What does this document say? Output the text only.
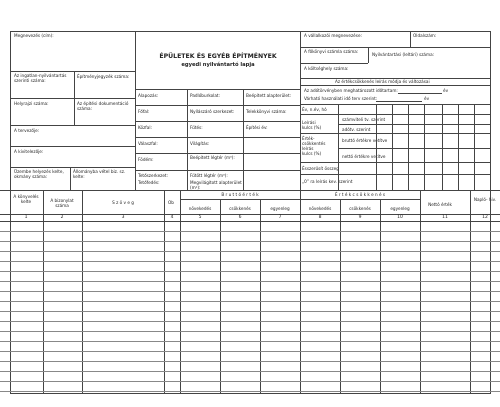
Megnevezés (cím):
Az ingatlan-nyilvántartás szerinti száma:
Építményjegyzék száma:
Helyrajzi száma:	Az építési dokumentáció száma:
A tervezője:
A kivitelezője:
Üzembe helyezés kelte, okmány száma:
Állományba vétel biz. sz. kelte:
ÉPÜLETEK ÉS EGYÉB ÉPÍTMÉNYEK
egyedi nyilvántartó lapja
Alapozás:	Padlóburkolat:	Beépített alapterület:
Főfal:	Nyílászáró szerkezet:	Telekkönyvi száma:
Közfal:	Fűtés:	Építési év:
Válaszfal:	Világítás:
Födém:	Beépített légtér (m³):
Tetőszerkezet:	Fűtött légtér (m³):
Tetőfedés:	Megvilágított alapterület (m²):
A vállalkozói megnevezése:	Oldalszám:
A főkönyvi számla száma:
Nyilvántartási (leltári) száma:
A költséghely száma:
Az értékcsökkenés leírás módja és változásai
Az adótörvényben meghatározott időtartam:	év
Várható használati idő terv szerint:	év
Év, n.év, hó
Leírási
kulcs (%)
számviteli tv. szerint
adótv. szerint
Érték-csökkentés
leírás
kulcs (%)
bruttó értékre vetítve
nettó értékre vetítve
Ésszerűsít összeg
„0” ra leírás kev. szerint
A könyvelés kelte	A bizonylat száma
S z ö v e g	Ob
B r u t t ó é r t é k
növekedés	csökkenés	egyenleg
É r t é k c s ö k k e n é s
növekedés	csökkenés	egyenleg
Nettó érték
Napló- hiv.
1	2	3	4	5	6	7	8	9	10	11	12
